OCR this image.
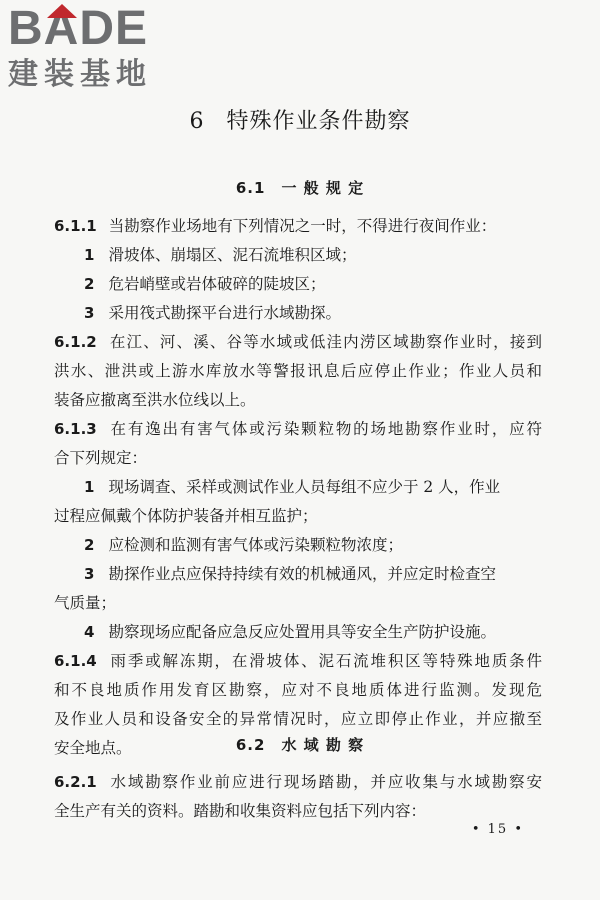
B
ADE
建装基地
6 特殊作业条件勘察
6.1 一 般 规 定
6.1.1 当勘察作业场地有下列情况之一时，不得进行夜间作业：
1 滑坡体、崩塌区、泥石流堆积区域；
2 危岩峭壁或岩体破碎的陡坡区；
3 采用筏式勘探平台进行水域勘探。
6.1.2 在江、河、溪、谷等水域或低洼内涝区域勘察作业时，接到
洪水、泄洪或上游水库放水等警报讯息后应停止作业；作业人员和
装备应撤离至洪水位线以上。
6.1.3 在有逸出有害气体或污染颗粒物的场地勘察作业时，应符
合下列规定：
1 现场调查、采样或测试作业人员每组不应少于 2 人，作业
过程应佩戴个体防护装备并相互监护；
2 应检测和监测有害气体或污染颗粒物浓度；
3 勘探作业点应保持持续有效的机械通风，并应定时检查空
气质量；
4 勘察现场应配备应急反应处置用具等安全生产防护设施。
6.1.4 雨季或解冻期，在滑坡体、泥石流堆积区等特殊地质条件
和不良地质作用发育区勘察，应对不良地质体进行监测。发现危
及作业人员和设备安全的异常情况时，应立即停止作业，并应撤至
安全地点。	6.2 水 域 勘 察
6.2.1 水域勘察作业前应进行现场踏勘，并应收集与水域勘察安
全生产有关的资料。踏勘和收集资料应包括下列内容：
• 15 •
